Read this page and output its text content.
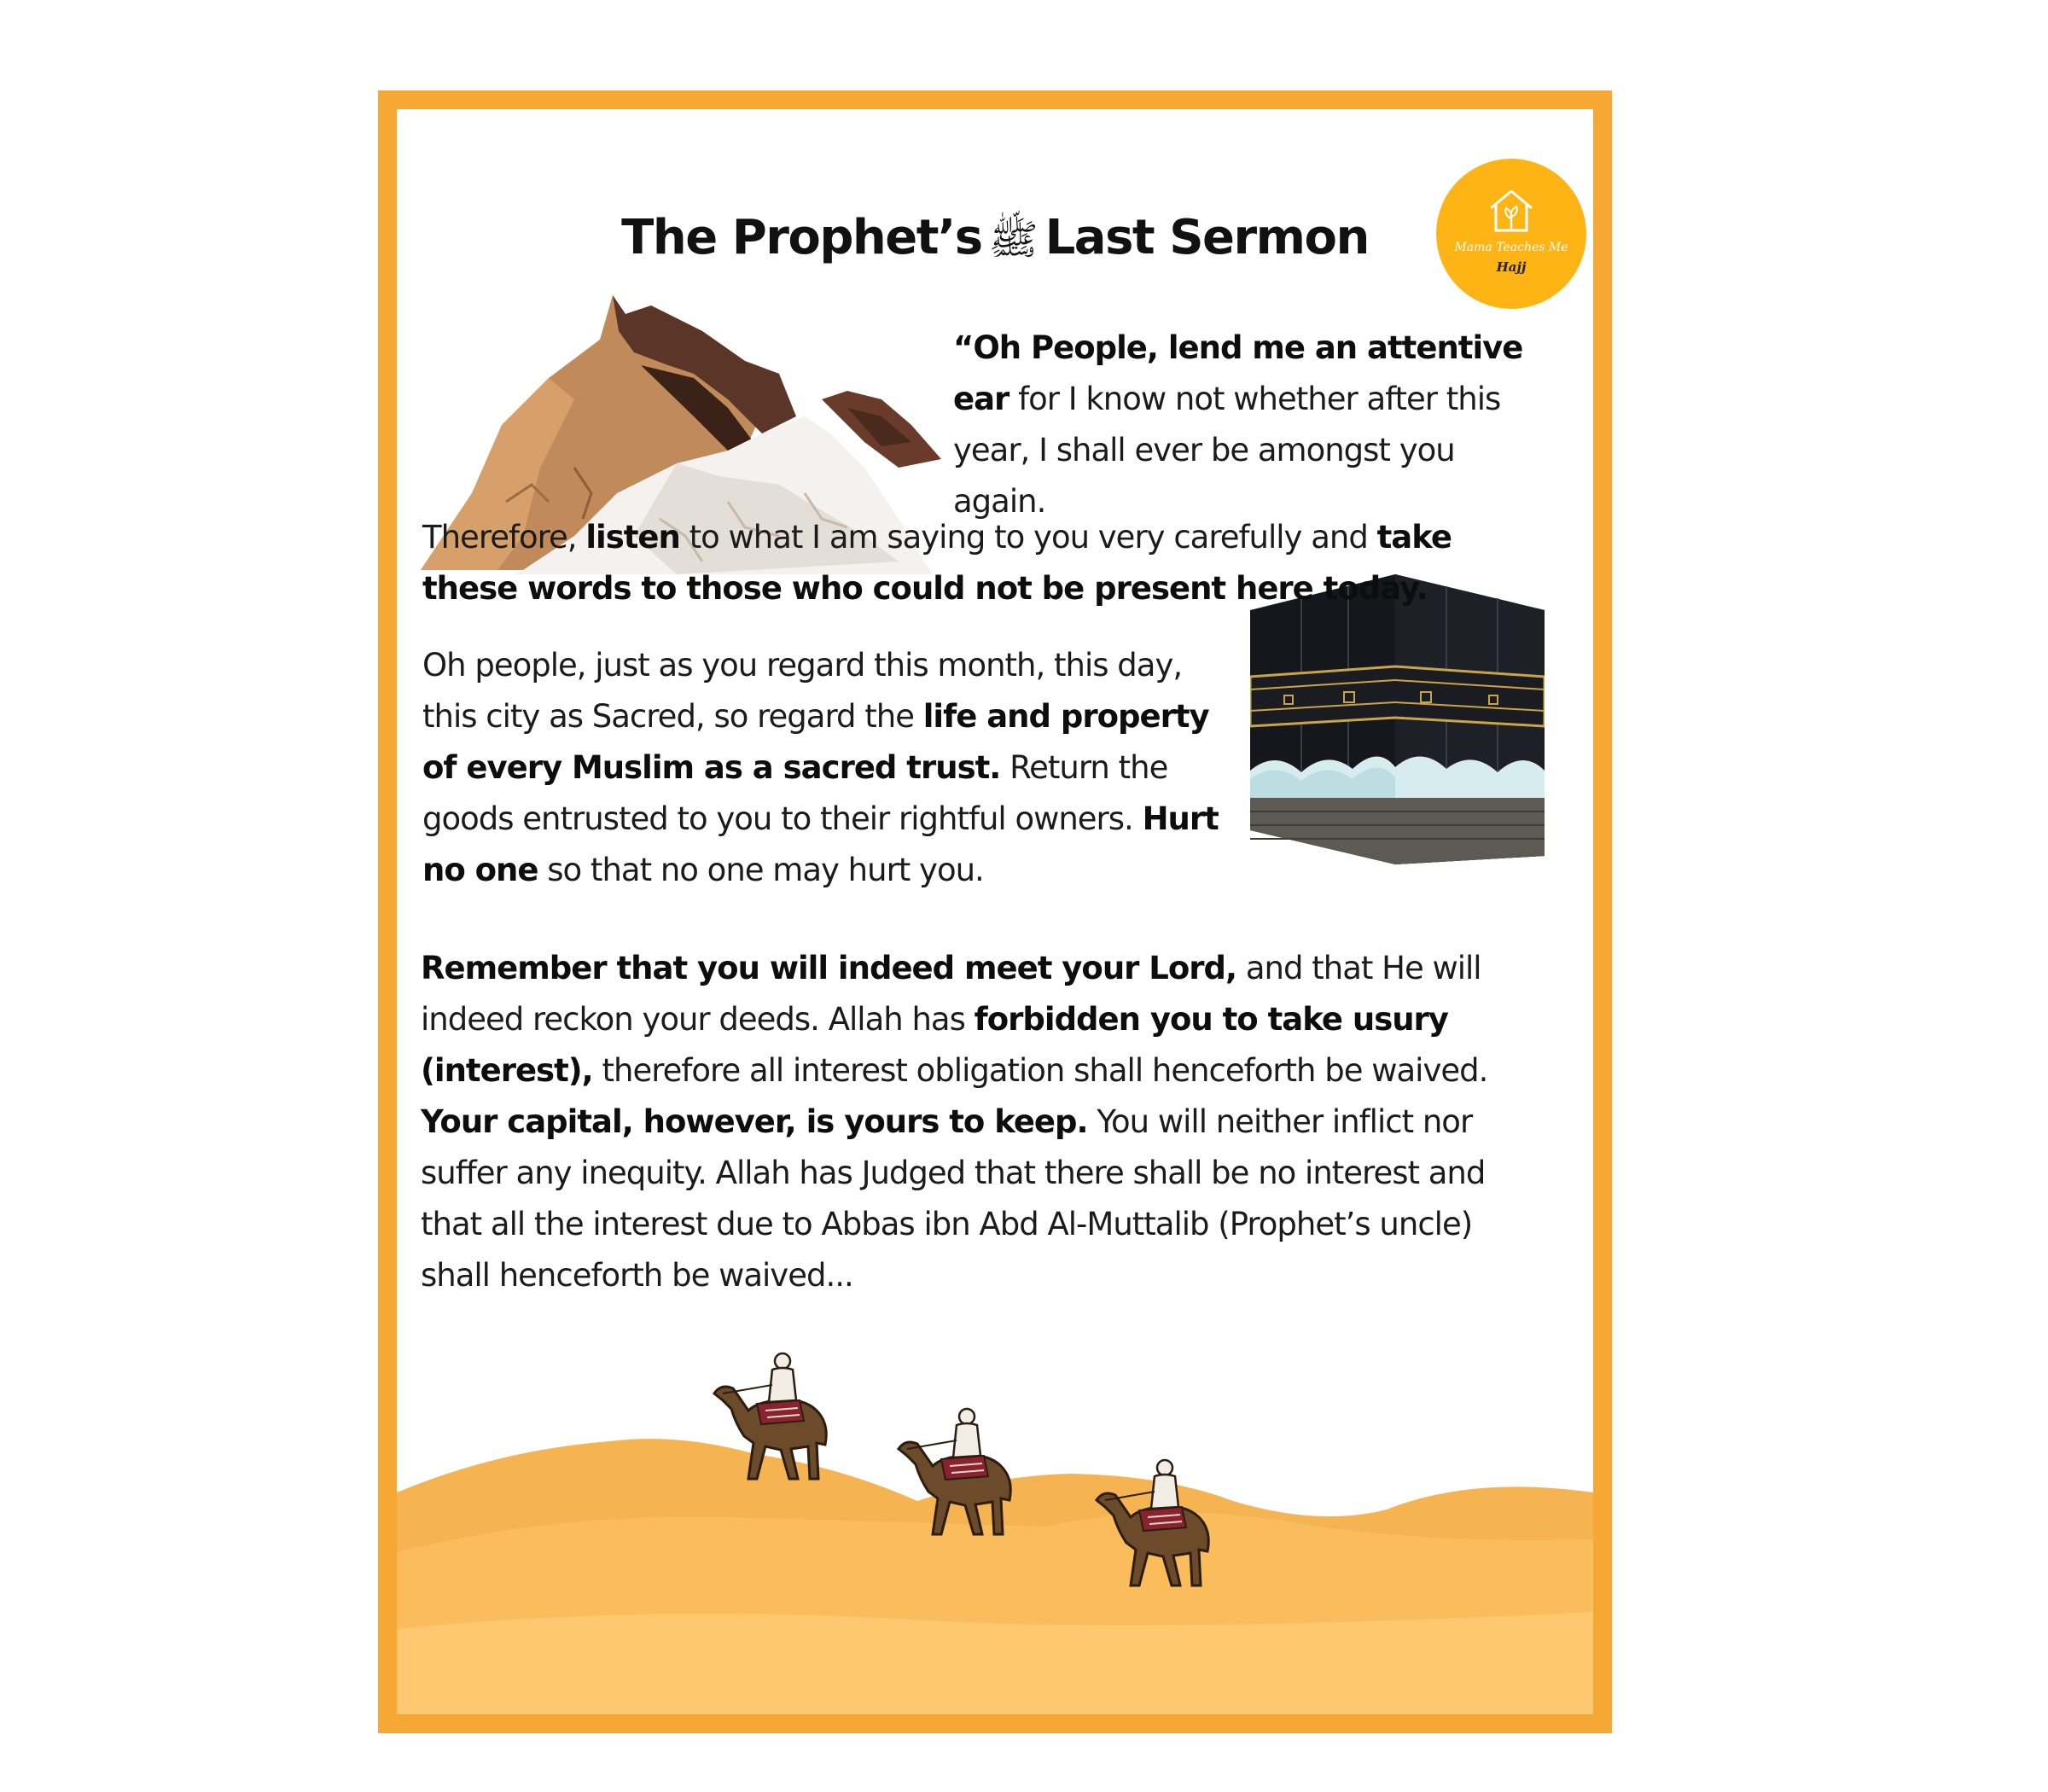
The Prophet’s ﷺ Last Sermon	Mama Teaches Me
Hajj

“Oh People, lend me an attentive ear for I know not whether after this year, I shall ever be amongst you again.

Therefore, listen to what I am saying to you very carefully and take these words to those who could not be present here today.

Oh people, just as you regard this month, this day, this city as Sacred, so regard the life and property of every Muslim as a sacred trust. Return the goods entrusted to you to their rightful owners. Hurt no one so that no one may hurt you.

Remember that you will indeed meet your Lord, and that He will indeed reckon your deeds. Allah has forbidden you to take usury (interest), therefore all interest obligation shall henceforth be waived. Your capital, however, is yours to keep. You will neither inflict nor suffer any inequity. Allah has Judged that there shall be no interest and that all the interest due to Abbas ibn Abd Al-Muttalib (Prophet’s uncle) shall henceforth be waived...
